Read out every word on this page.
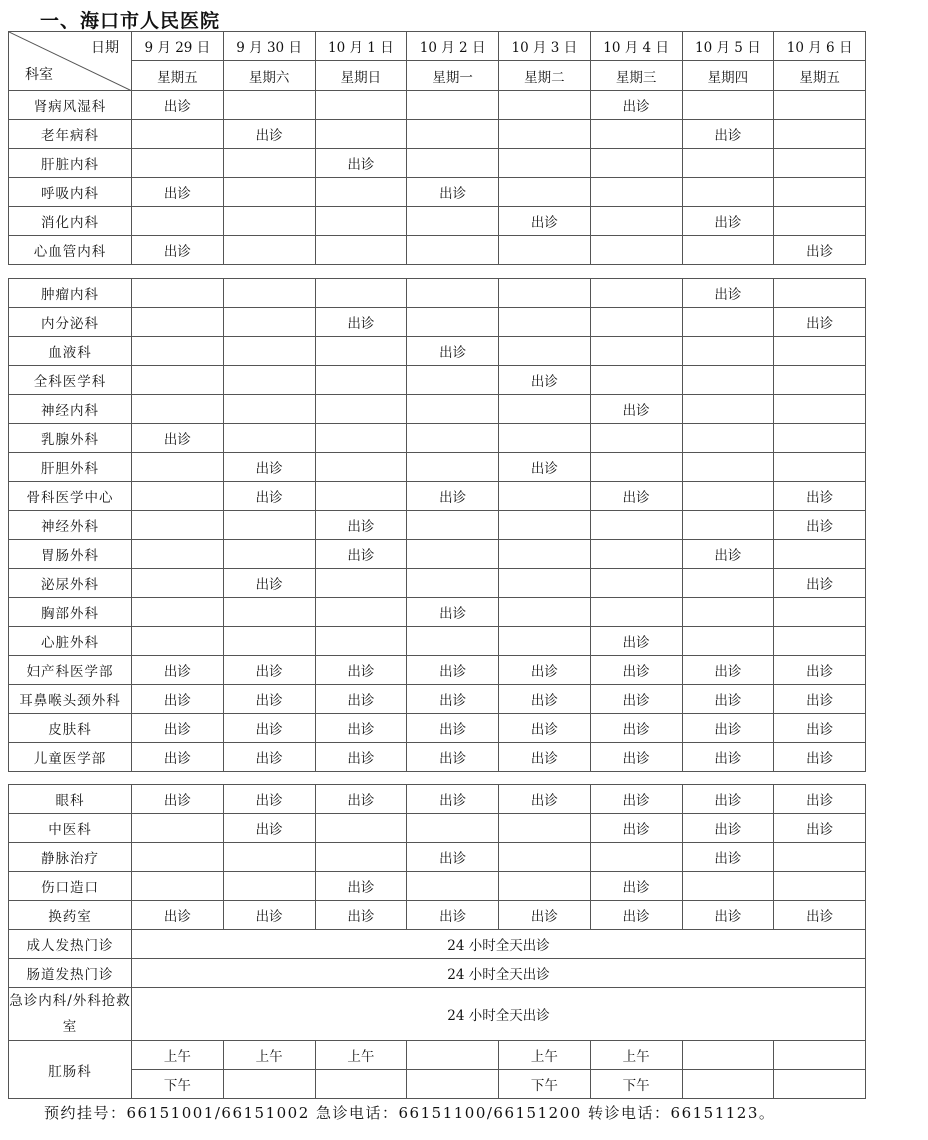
一、海口市人民医院
日期
科室	9 月 29 日	9 月 30 日	10 月 1 日	10 月 2 日	10 月 3 日	10 月 4 日	10 月 5 日	10 月 6 日
	星期五	星期六	星期日	星期一	星期二	星期三	星期四	星期五
肾病风湿科	出诊					出诊		
老年病科		出诊					出诊	
肝脏内科			出诊					
呼吸内科	出诊			出诊				
消化内科					出诊		出诊	
心血管内科	出诊							出诊
肿瘤内科							出诊	
内分泌科			出诊					出诊
血液科				出诊				
全科医学科					出诊			
神经内科						出诊		
乳腺外科	出诊							
肝胆外科		出诊			出诊			
骨科医学中心		出诊		出诊		出诊		出诊
神经外科			出诊					出诊
胃肠外科			出诊				出诊	
泌尿外科		出诊						出诊
胸部外科				出诊				
心脏外科						出诊		
妇产科医学部	出诊	出诊	出诊	出诊	出诊	出诊	出诊	出诊
耳鼻喉头颈外科	出诊	出诊	出诊	出诊	出诊	出诊	出诊	出诊
皮肤科	出诊	出诊	出诊	出诊	出诊	出诊	出诊	出诊
儿童医学部	出诊	出诊	出诊	出诊	出诊	出诊	出诊	出诊
眼科	出诊	出诊	出诊	出诊	出诊	出诊	出诊	出诊
中医科		出诊				出诊	出诊	出诊
静脉治疗				出诊			出诊	
伤口造口			出诊			出诊		
换药室	出诊	出诊	出诊	出诊	出诊	出诊	出诊	出诊
成人发热门诊	24 小时全天出诊							
肠道发热门诊	24 小时全天出诊							
急诊内科/外科抢救室	24 小时全天出诊							
肛肠科	上午	上午	上午		上午	上午		
	下午				下午	下午		
预约挂号：66151001/66151002 急诊电话：66151100/66151200 转诊电话：66151123。
